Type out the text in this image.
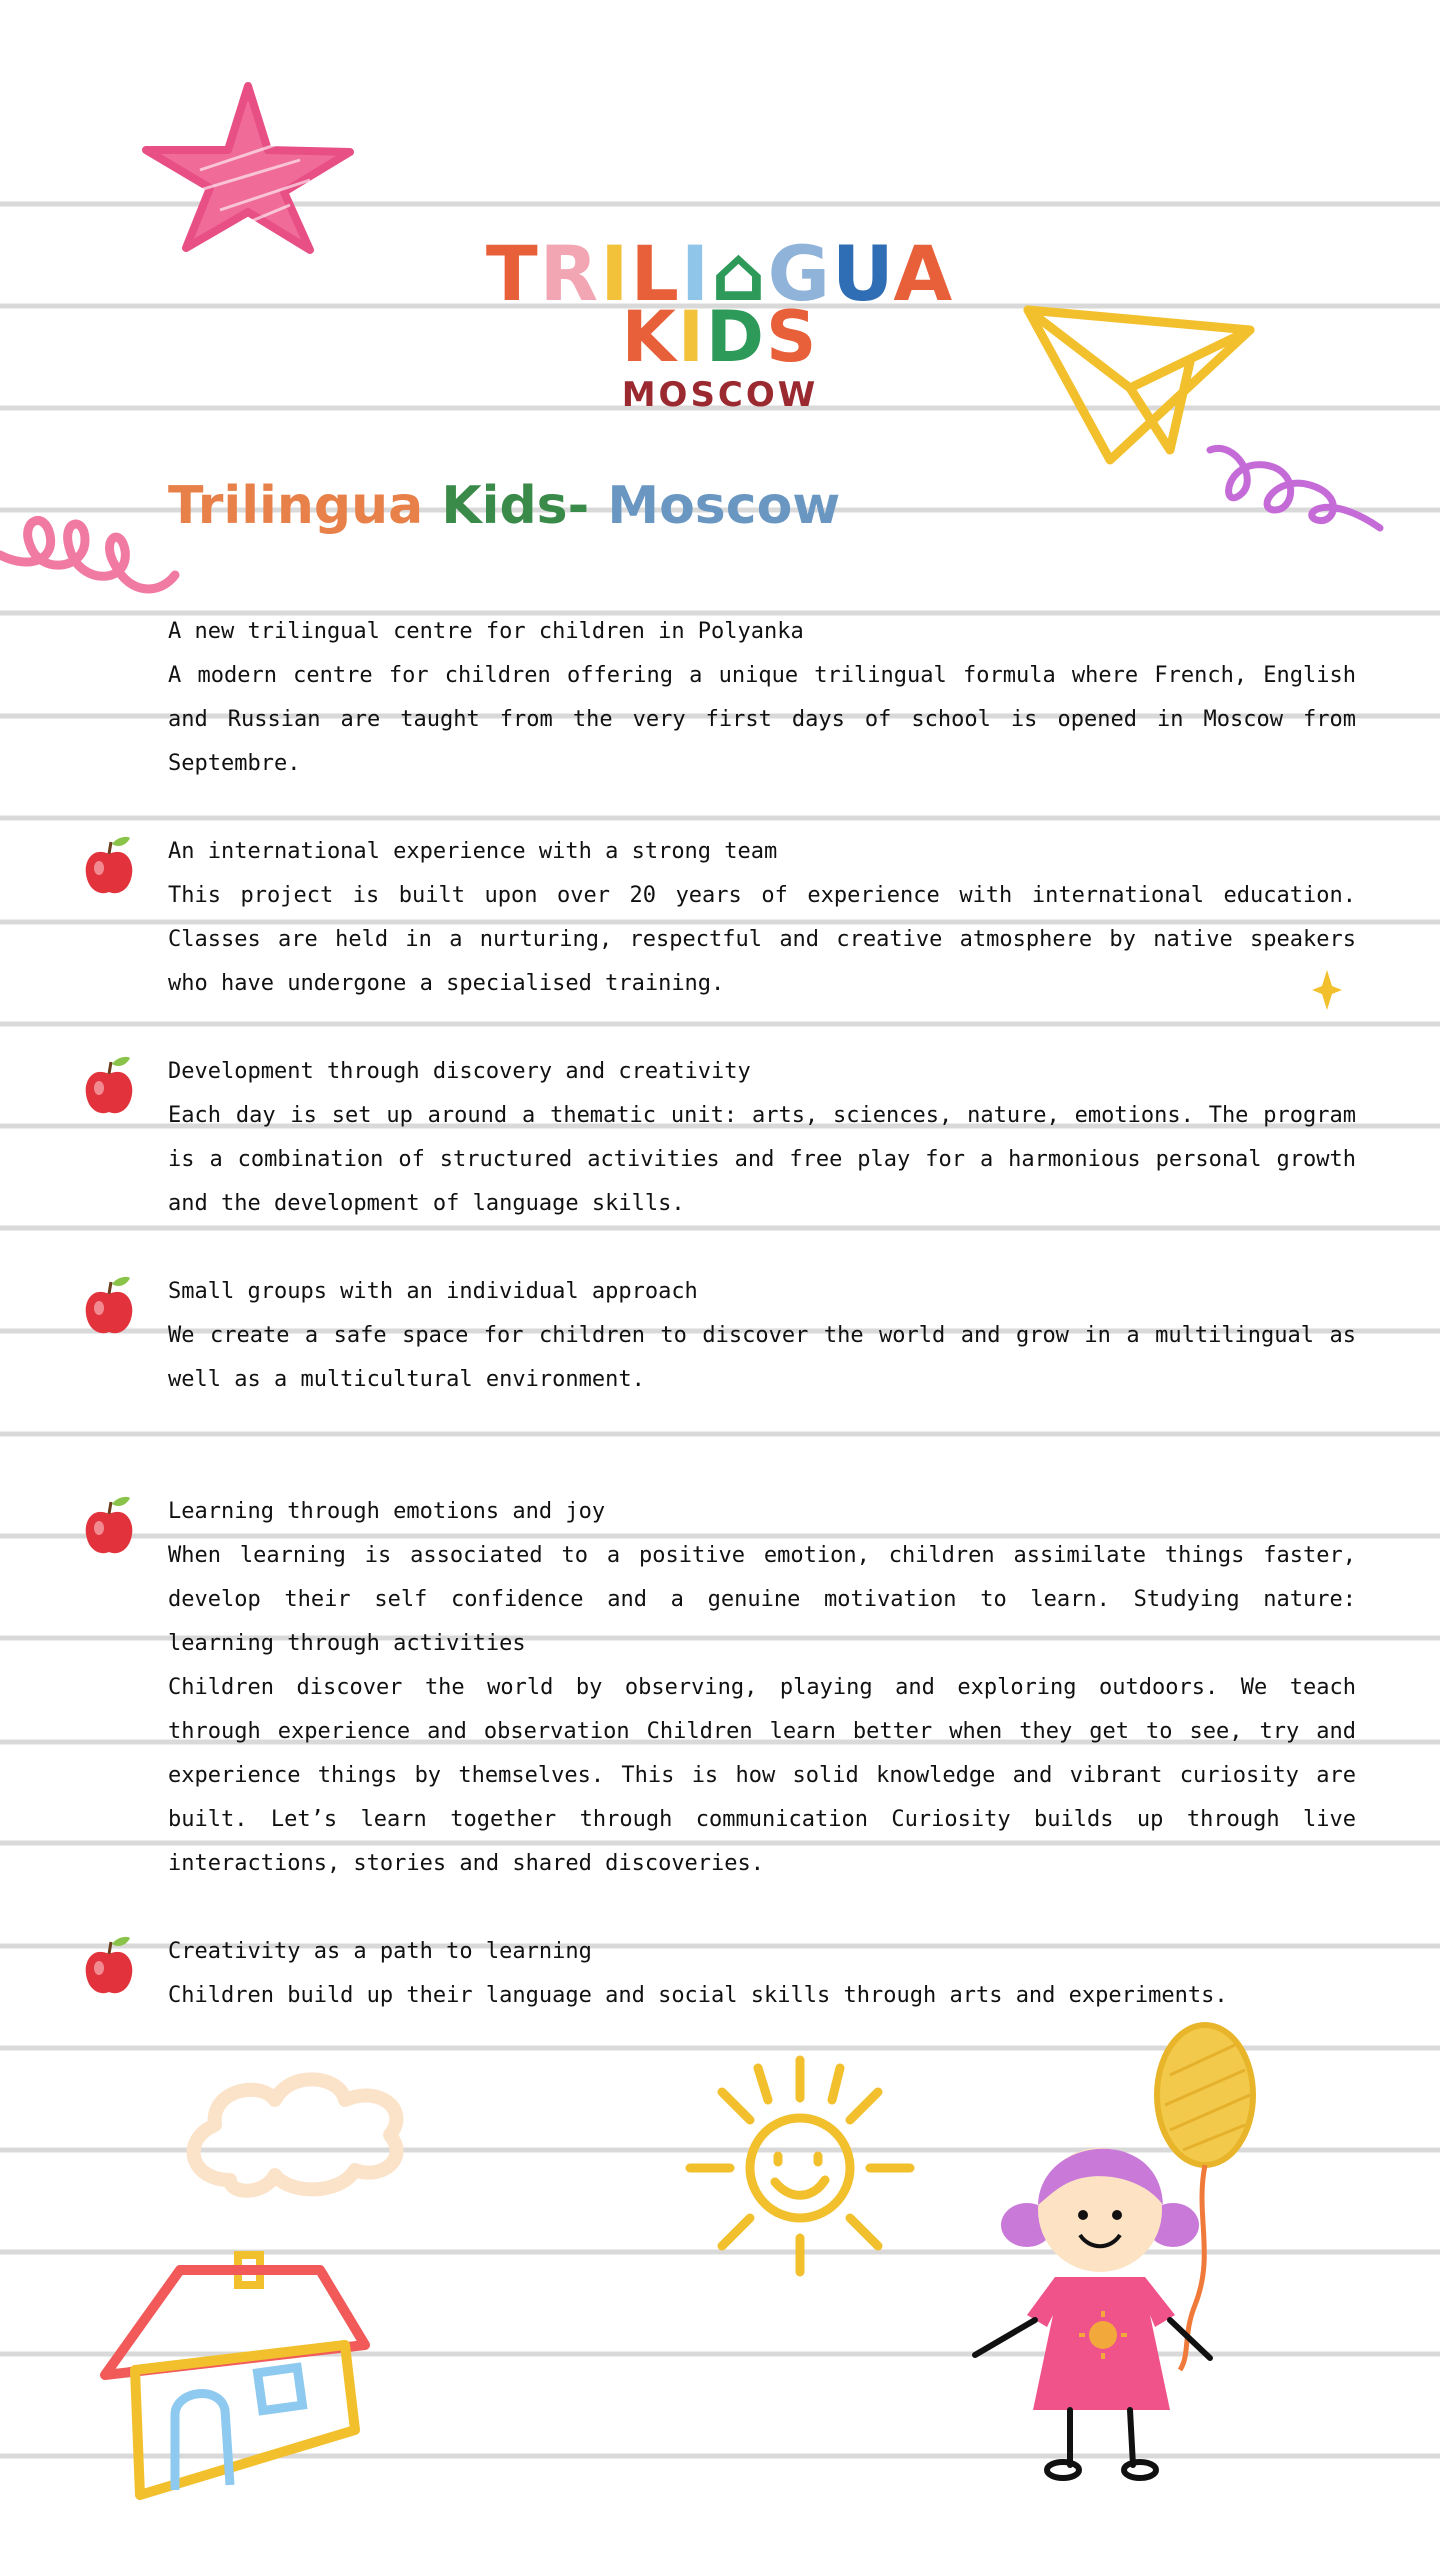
TRILI⌂GUA
KIDS
MOSCOW
Trilingua Kids- Moscow

A new trilingual centre for children in Polyanka

A modern centre for children offering a unique trilingual formula where French, English and Russian are taught from the very first days of school is opened in Moscow from Septembre.

An international experience with a strong team

This project is built upon over 20 years of experience with international education. Classes are held in a nurturing, respectful and creative atmosphere by native speakers who have undergone a specialised training.

Development through discovery and creativity

Each day is set up around a thematic unit: arts, sciences, nature, emotions. The program is a combination of structured activities and free play for a harmonious personal growth and the development of language skills.

Small groups with an individual approach

We create a safe space for children to discover the world and grow in a multilingual as well as a multicultural environment.

Learning through emotions and joy

When learning is associated to a positive emotion, children assimilate things faster, develop their self confidence and a genuine motivation to learn. Studying nature: learning through activities

Children discover the world by observing, playing and exploring outdoors. We teach through experience and observation Children learn better when they get to see, try and experience things by themselves. This is how solid knowledge and vibrant curiosity are built. Let’s learn together through communication Curiosity builds up through live interactions, stories and shared discoveries.

Creativity as a path to learning

Children build up their language and social skills through arts and experiments.
